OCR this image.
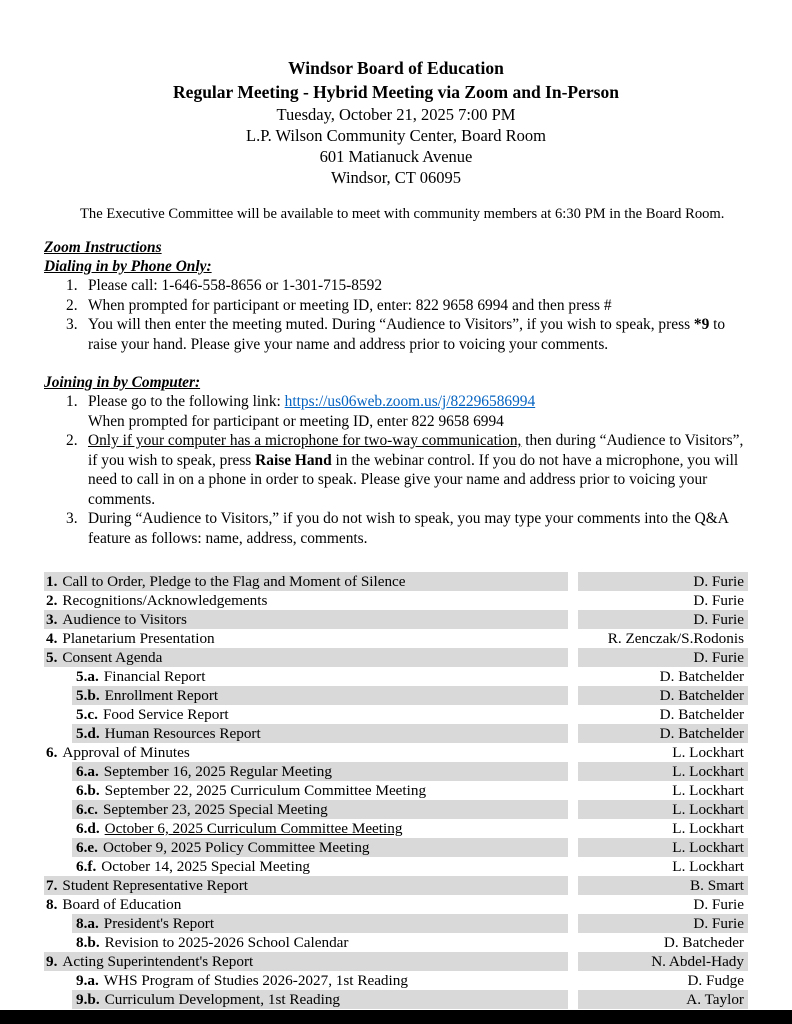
Windsor Board of Education
Regular Meeting - Hybrid Meeting via Zoom and In-Person
Tuesday, October 21, 2025 7:00 PM
L.P. Wilson Community Center, Board Room
601 Matianuck Avenue
Windsor, CT 06095
The Executive Committee will be available to meet with community members at 6:30 PM in the Board Room.
Zoom Instructions
Dialing in by Phone Only:
1. Please call: 1-646-558-8656 or 1-301-715-8592
2. When prompted for participant or meeting ID, enter: 822 9658 6994 and then press #
3. You will then enter the meeting muted. During “Audience to Visitors”, if you wish to speak, press *9 to raise your hand. Please give your name and address prior to voicing your comments.
Joining in by Computer:
1. Please go to the following link: https://us06web.zoom.us/j/82296586994
When prompted for participant or meeting ID, enter 822 9658 6994
2. Only if your computer has a microphone for two-way communication, then during “Audience to Visitors”, if you wish to speak, press Raise Hand in the webinar control. If you do not have a microphone, you will need to call in on a phone in order to speak. Please give your name and address prior to voicing your comments.
3. During “Audience to Visitors,” if you do not wish to speak, you may type your comments into the Q&A feature as follows: name, address, comments.
1. Call to Order, Pledge to the Flag and Moment of Silence	D. Furie
2. Recognitions/Acknowledgements	D. Furie
3. Audience to Visitors	D. Furie
4. Planetarium Presentation	R. Zenczak/S.Rodonis
5. Consent Agenda	D. Furie
5.a. Financial Report	D. Batchelder
5.b. Enrollment Report	D. Batchelder
5.c. Food Service Report	D. Batchelder
5.d. Human Resources Report	D. Batchelder
6. Approval of Minutes	L. Lockhart
6.a. September 16, 2025 Regular Meeting	L. Lockhart
6.b. September 22, 2025 Curriculum Committee Meeting	L. Lockhart
6.c. September 23, 2025 Special Meeting	L. Lockhart
6.d. October 6, 2025 Curriculum Committee Meeting	L. Lockhart
6.e. October 9, 2025 Policy Committee Meeting	L. Lockhart
6.f. October 14, 2025 Special Meeting	L. Lockhart
7. Student Representative Report	B. Smart
8. Board of Education	D. Furie
8.a. President's Report	D. Furie
8.b. Revision to 2025-2026 School Calendar	D. Batcheder
9. Acting Superintendent's Report	N. Abdel-Hady
9.a. WHS Program of Studies 2026-2027, 1st Reading	D. Fudge
9.b. Curriculum Development, 1st Reading	A. Taylor
